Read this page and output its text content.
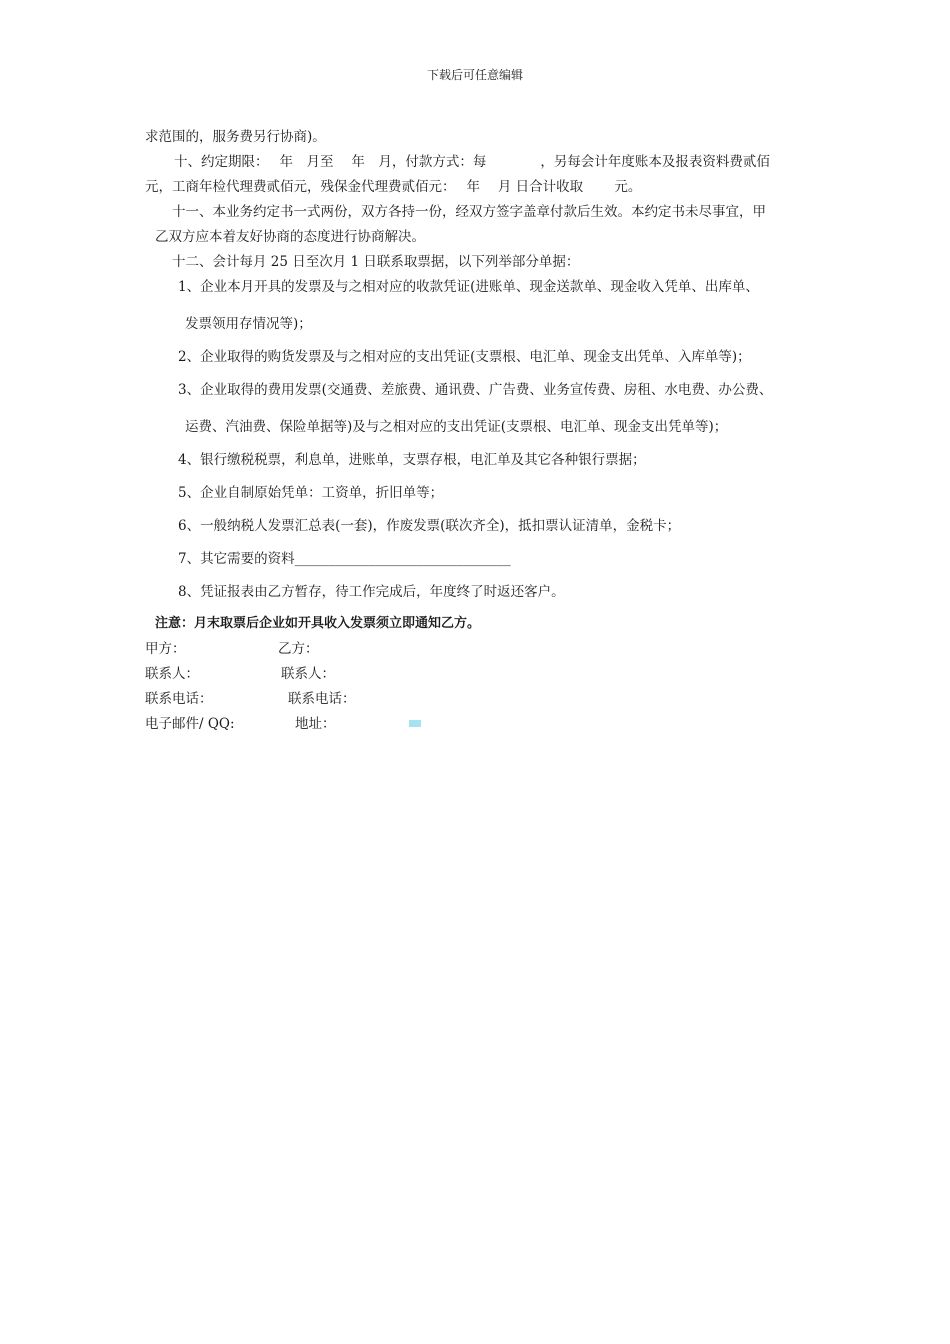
下载后可任意编辑
求范围的，服务费另行协商)。
十、约定期限：　 年　月至　 年　月，付款方式：每　　　　，另每会计年度账本及报表资料费贰佰
元，工商年检代理费贰佰元，残保金代理费贰佰元：　 年　 月 日合计收取　　 元。
十一、本业务约定书一式两份，双方各持一份，经双方签字盖章付款后生效。本约定书未尽事宜，甲
乙双方应本着友好协商的态度进行协商解决。
十二、会计每月 25 日至次月 1 日联系取票据，以下列举部分单据：
1、企业本月开具的发票及与之相对应的收款凭证(进账单、现金送款单、现金收入凭单、出库单、
发票领用存情况等)；
2、企业取得的购货发票及与之相对应的支出凭证(支票根、电汇单、现金支出凭单、入库单等)；
3、企业取得的费用发票(交通费、差旅费、通讯费、广告费、业务宣传费、房租、水电费、办公费、
运费、汽油费、保险单据等)及与之相对应的支出凭证(支票根、电汇单、现金支出凭单等)；
4、银行缴税税票，利息单，进账单，支票存根，电汇单及其它各种银行票据；
5、企业自制原始凭单：工资单，折旧单等；
6、一般纳税人发票汇总表(一套)，作废发票(联次齐全)，抵扣票认证清单，金税卡；
7、其它需要的资料________________________________
8、凭证报表由乙方暂存，待工作完成后，年度终了时返还客户。
注意：月末取票后企业如开具收入发票须立即通知乙方。
甲方：	乙方：
联系人：	联系人：
联系电话：	联系电话：
电子邮件/ QQ:	地址：
